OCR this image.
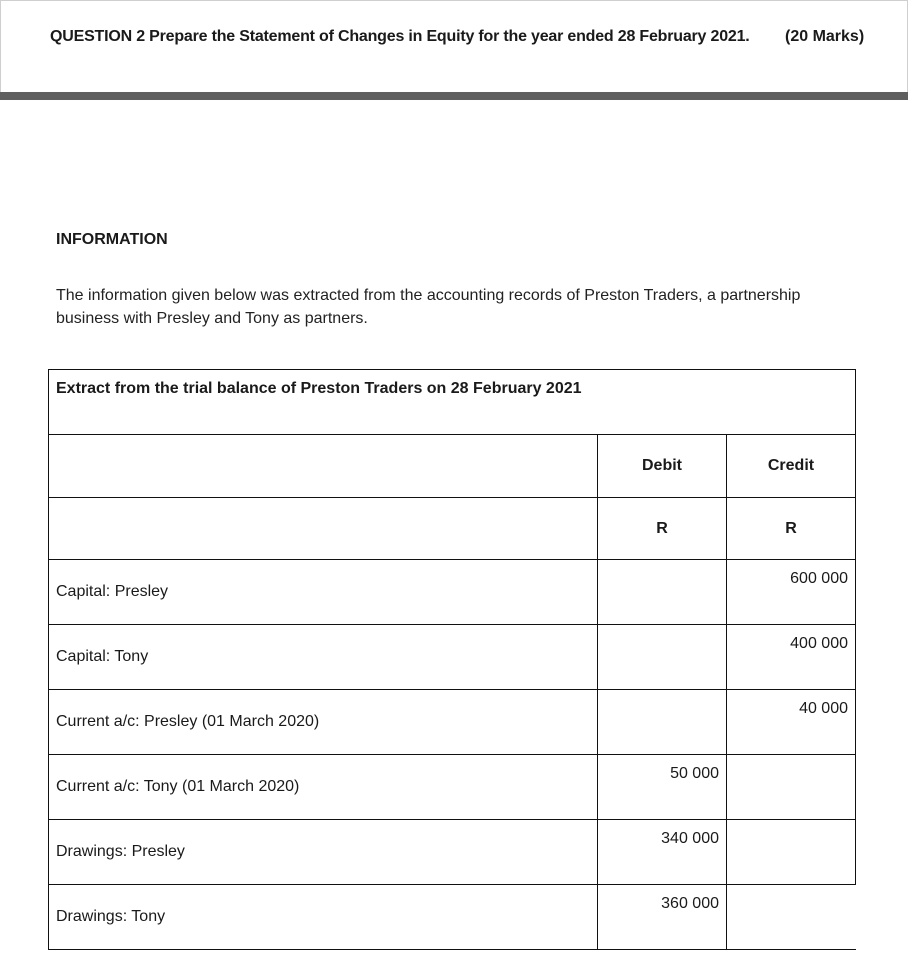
QUESTION 2 Prepare the Statement of Changes in Equity for the year ended 28 February 2021. (20 Marks)
INFORMATION
The information given below was extracted from the accounting records of Preston Traders, a partnership business with Presley and Tony as partners.
Extract from the trial balance of Preston Traders on 28 February 2021		
	Debit	Credit
	R	R
Capital: Presley		600 000
Capital: Tony		400 000
Current a/c: Presley (01 March 2020)		40 000
Current a/c: Tony (01 March 2020)	50 000	
Drawings: Presley	340 000	
Drawings: Tony	360 000	
